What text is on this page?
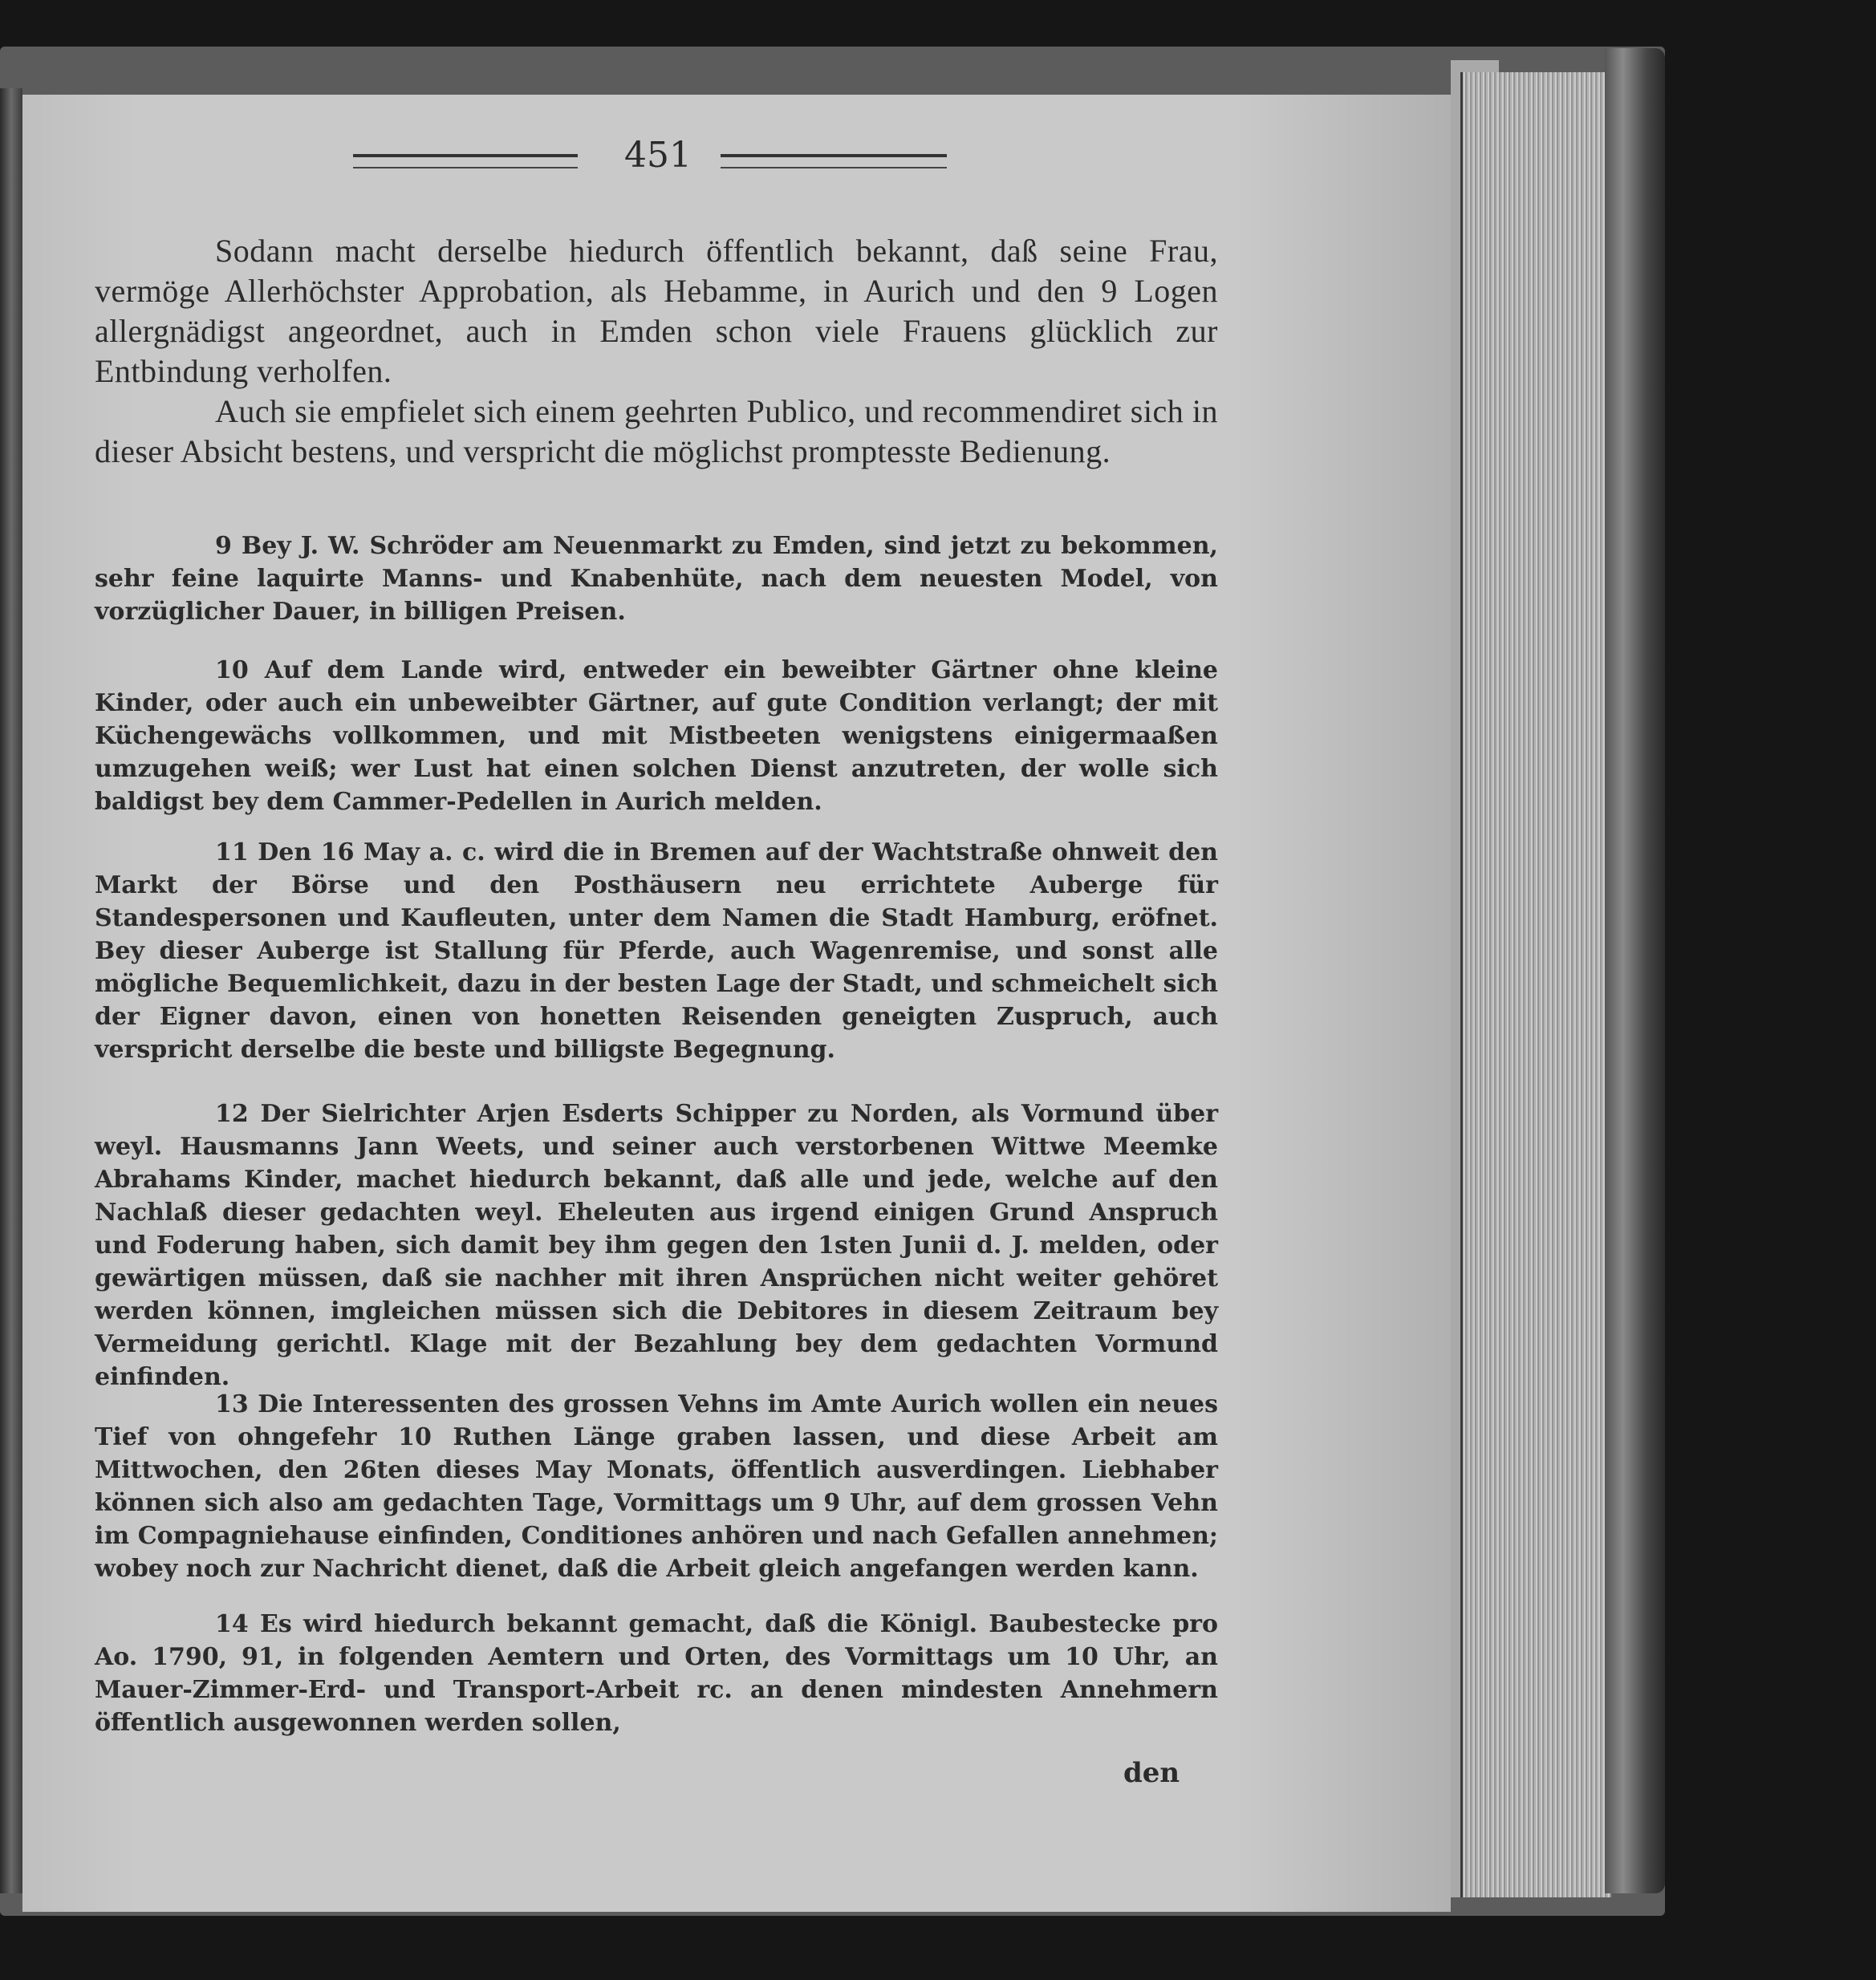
451

Sodann macht derselbe hiedurch öffentlich bekannt, daß seine Frau, vermöge Allerhöchster Approbation, als Hebamme, in Aurich und den 9 Logen allergnädigst angeordnet, auch in Emden schon viele Frauens glücklich zur Entbindung verholfen.

Auch sie empfielet sich einem geehrten Publico, und recommendiret sich in dieser Absicht bestens, und verspricht die möglichst promptesste Bedienung.

9 Bey J. W. Schröder am Neuenmarkt zu Emden, sind jetzt zu bekommen, sehr feine laquirte Manns- und Knabenhüte, nach dem neuesten Model, von vorzüglicher Dauer, in billigen Preisen.

10 Auf dem Lande wird, entweder ein beweibter Gärtner ohne kleine Kinder, oder auch ein unbeweibter Gärtner, auf gute Condition verlangt; der mit Küchengewächs vollkommen, und mit Mistbeeten wenigstens einigermaaßen umzugehen weiß; wer Lust hat einen solchen Dienst anzutreten, der wolle sich baldigst bey dem Cammer-Pedellen in Aurich melden.

11 Den 16 May a. c. wird die in Bremen auf der Wachtstraße ohnweit den Markt der Börse und den Posthäusern neu errichtete Auberge für Standespersonen und Kaufleuten, unter dem Namen die Stadt Hamburg, eröfnet. Bey dieser Auberge ist Stallung für Pferde, auch Wagenremise, und sonst alle mögliche Bequemlichkeit, dazu in der besten Lage der Stadt, und schmeichelt sich der Eigner davon, einen von honetten Reisenden geneigten Zuspruch, auch verspricht derselbe die beste und billigste Begegnung.

12 Der Sielrichter Arjen Esderts Schipper zu Norden, als Vormund über weyl. Hausmanns Jann Weets, und seiner auch verstorbenen Wittwe Meemke Abrahams Kinder, machet hiedurch bekannt, daß alle und jede, welche auf den Nachlaß dieser gedachten weyl. Eheleuten aus irgend einigen Grund Anspruch und Foderung haben, sich damit bey ihm gegen den 1sten Junii d. J. melden, oder gewärtigen müssen, daß sie nachher mit ihren Ansprüchen nicht weiter gehöret werden können, imgleichen müssen sich die Debitores in diesem Zeitraum bey Vermeidung gerichtl. Klage mit der Bezahlung bey dem gedachten Vormund einfinden.

13 Die Interessenten des grossen Vehns im Amte Aurich wollen ein neues Tief von ohngefehr 10 Ruthen Länge graben lassen, und diese Arbeit am Mittwochen, den 26ten dieses May Monats, öffentlich ausverdingen. Liebhaber können sich also am gedachten Tage, Vormittags um 9 Uhr, auf dem grossen Vehn im Compagniehause einfinden, Conditiones anhören und nach Gefallen annehmen; wobey noch zur Nachricht dienet, daß die Arbeit gleich angefangen werden kann.

14 Es wird hiedurch bekannt gemacht, daß die Königl. Baubestecke pro Ao. 1790, 91, in folgenden Aemtern und Orten, des Vormittags um 10 Uhr, an Mauer-Zimmer-Erd- und Transport-Arbeit rc. an denen mindesten Annehmern öffentlich ausgewonnen werden sollen,

den
